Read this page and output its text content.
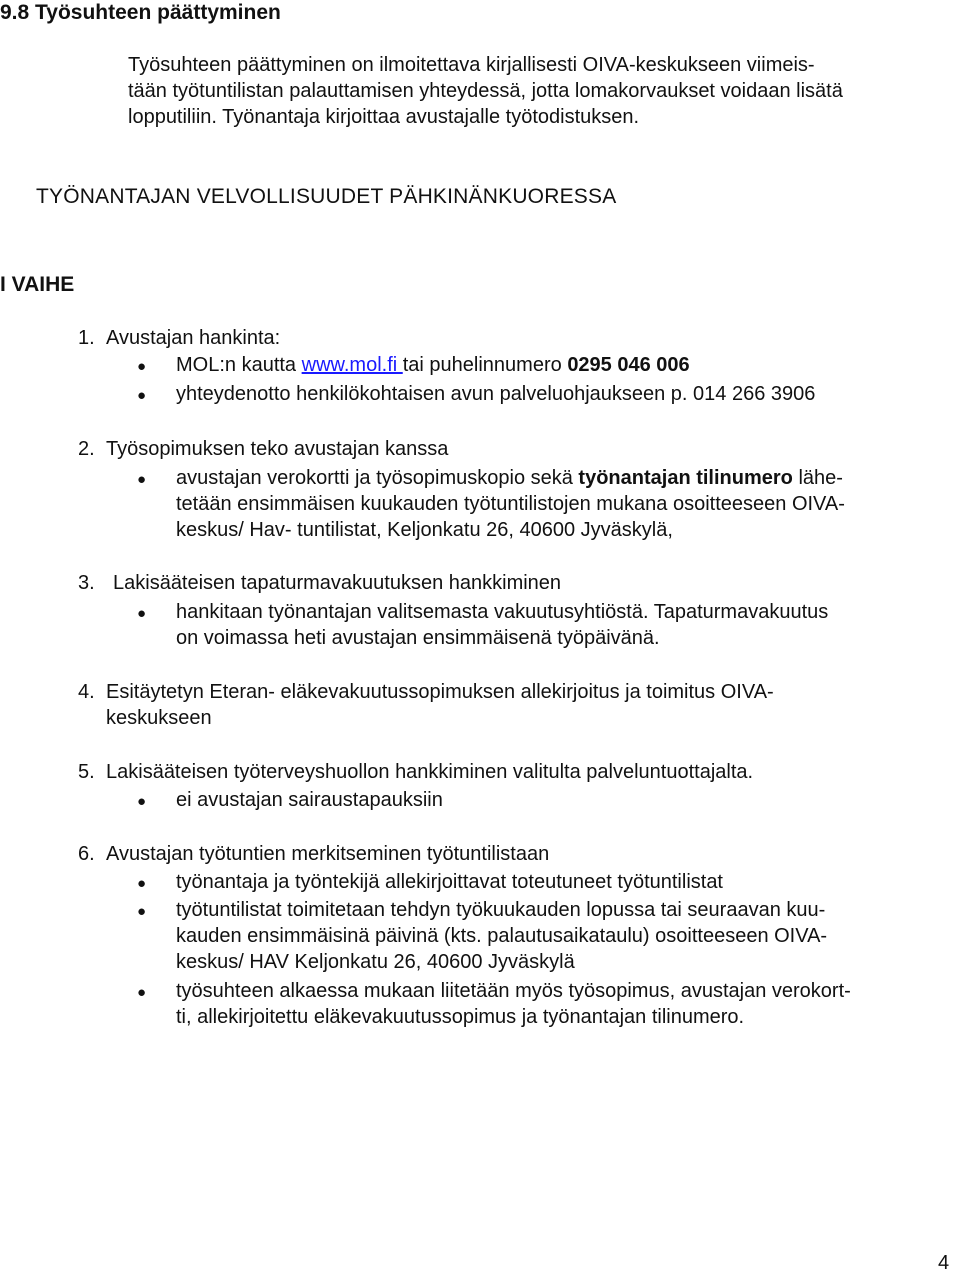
9.8 Työsuhteen päättyminen
Työsuhteen päättyminen on ilmoitettava kirjallisesti OIVA-keskukseen viimeis-
tään työtuntilistan palauttamisen yhteydessä, jotta lomakorvaukset voidaan lisätä
lopputiliin. Työnantaja kirjoittaa avustajalle työtodistuksen.
TYÖNANTAJAN VELVOLLISUUDET PÄHKINÄNKUORESSA
I VAIHE
1. Avustajan hankinta:
● MOL:n kautta www.mol.fi tai puhelinnumero 0295 046 006
● yhteydenotto henkilökohtaisen avun palveluohjaukseen p. 014 266 3906
2. Työsopimuksen teko avustajan kanssa
● avustajan verokortti ja työsopimuskopio sekä työnantajan tilinumero lähe-
tetään ensimmäisen kuukauden työtuntilistojen mukana osoitteeseen OIVA-
keskus/ Hav- tuntilistat, Keljonkatu 26, 40600 Jyväskylä,
3. Lakisääteisen tapaturmavakuutuksen hankkiminen
● hankitaan työnantajan valitsemasta vakuutusyhtiöstä. Tapaturmavakuutus
on voimassa heti avustajan ensimmäisenä työpäivänä.
4. Esitäytetyn Eteran- eläkevakuutussopimuksen allekirjoitus ja toimitus OIVA-
keskukseen
5. Lakisääteisen työterveyshuollon hankkiminen valitulta palveluntuottajalta.
● ei avustajan sairaustapauksiin
6. Avustajan työtuntien merkitseminen työtuntilistaan
● työnantaja ja työntekijä allekirjoittavat toteutuneet työtuntilistat
● työtuntilistat toimitetaan tehdyn työkuukauden lopussa tai seuraavan kuu-
kauden ensimmäisinä päivinä (kts. palautusaikataulu) osoitteeseen OIVA-
keskus/ HAV Keljonkatu 26, 40600 Jyväskylä
● työsuhteen alkaessa mukaan liitetään myös työsopimus, avustajan verokort-
ti, allekirjoitettu eläkevakuutussopimus ja työnantajan tilinumero.
4
